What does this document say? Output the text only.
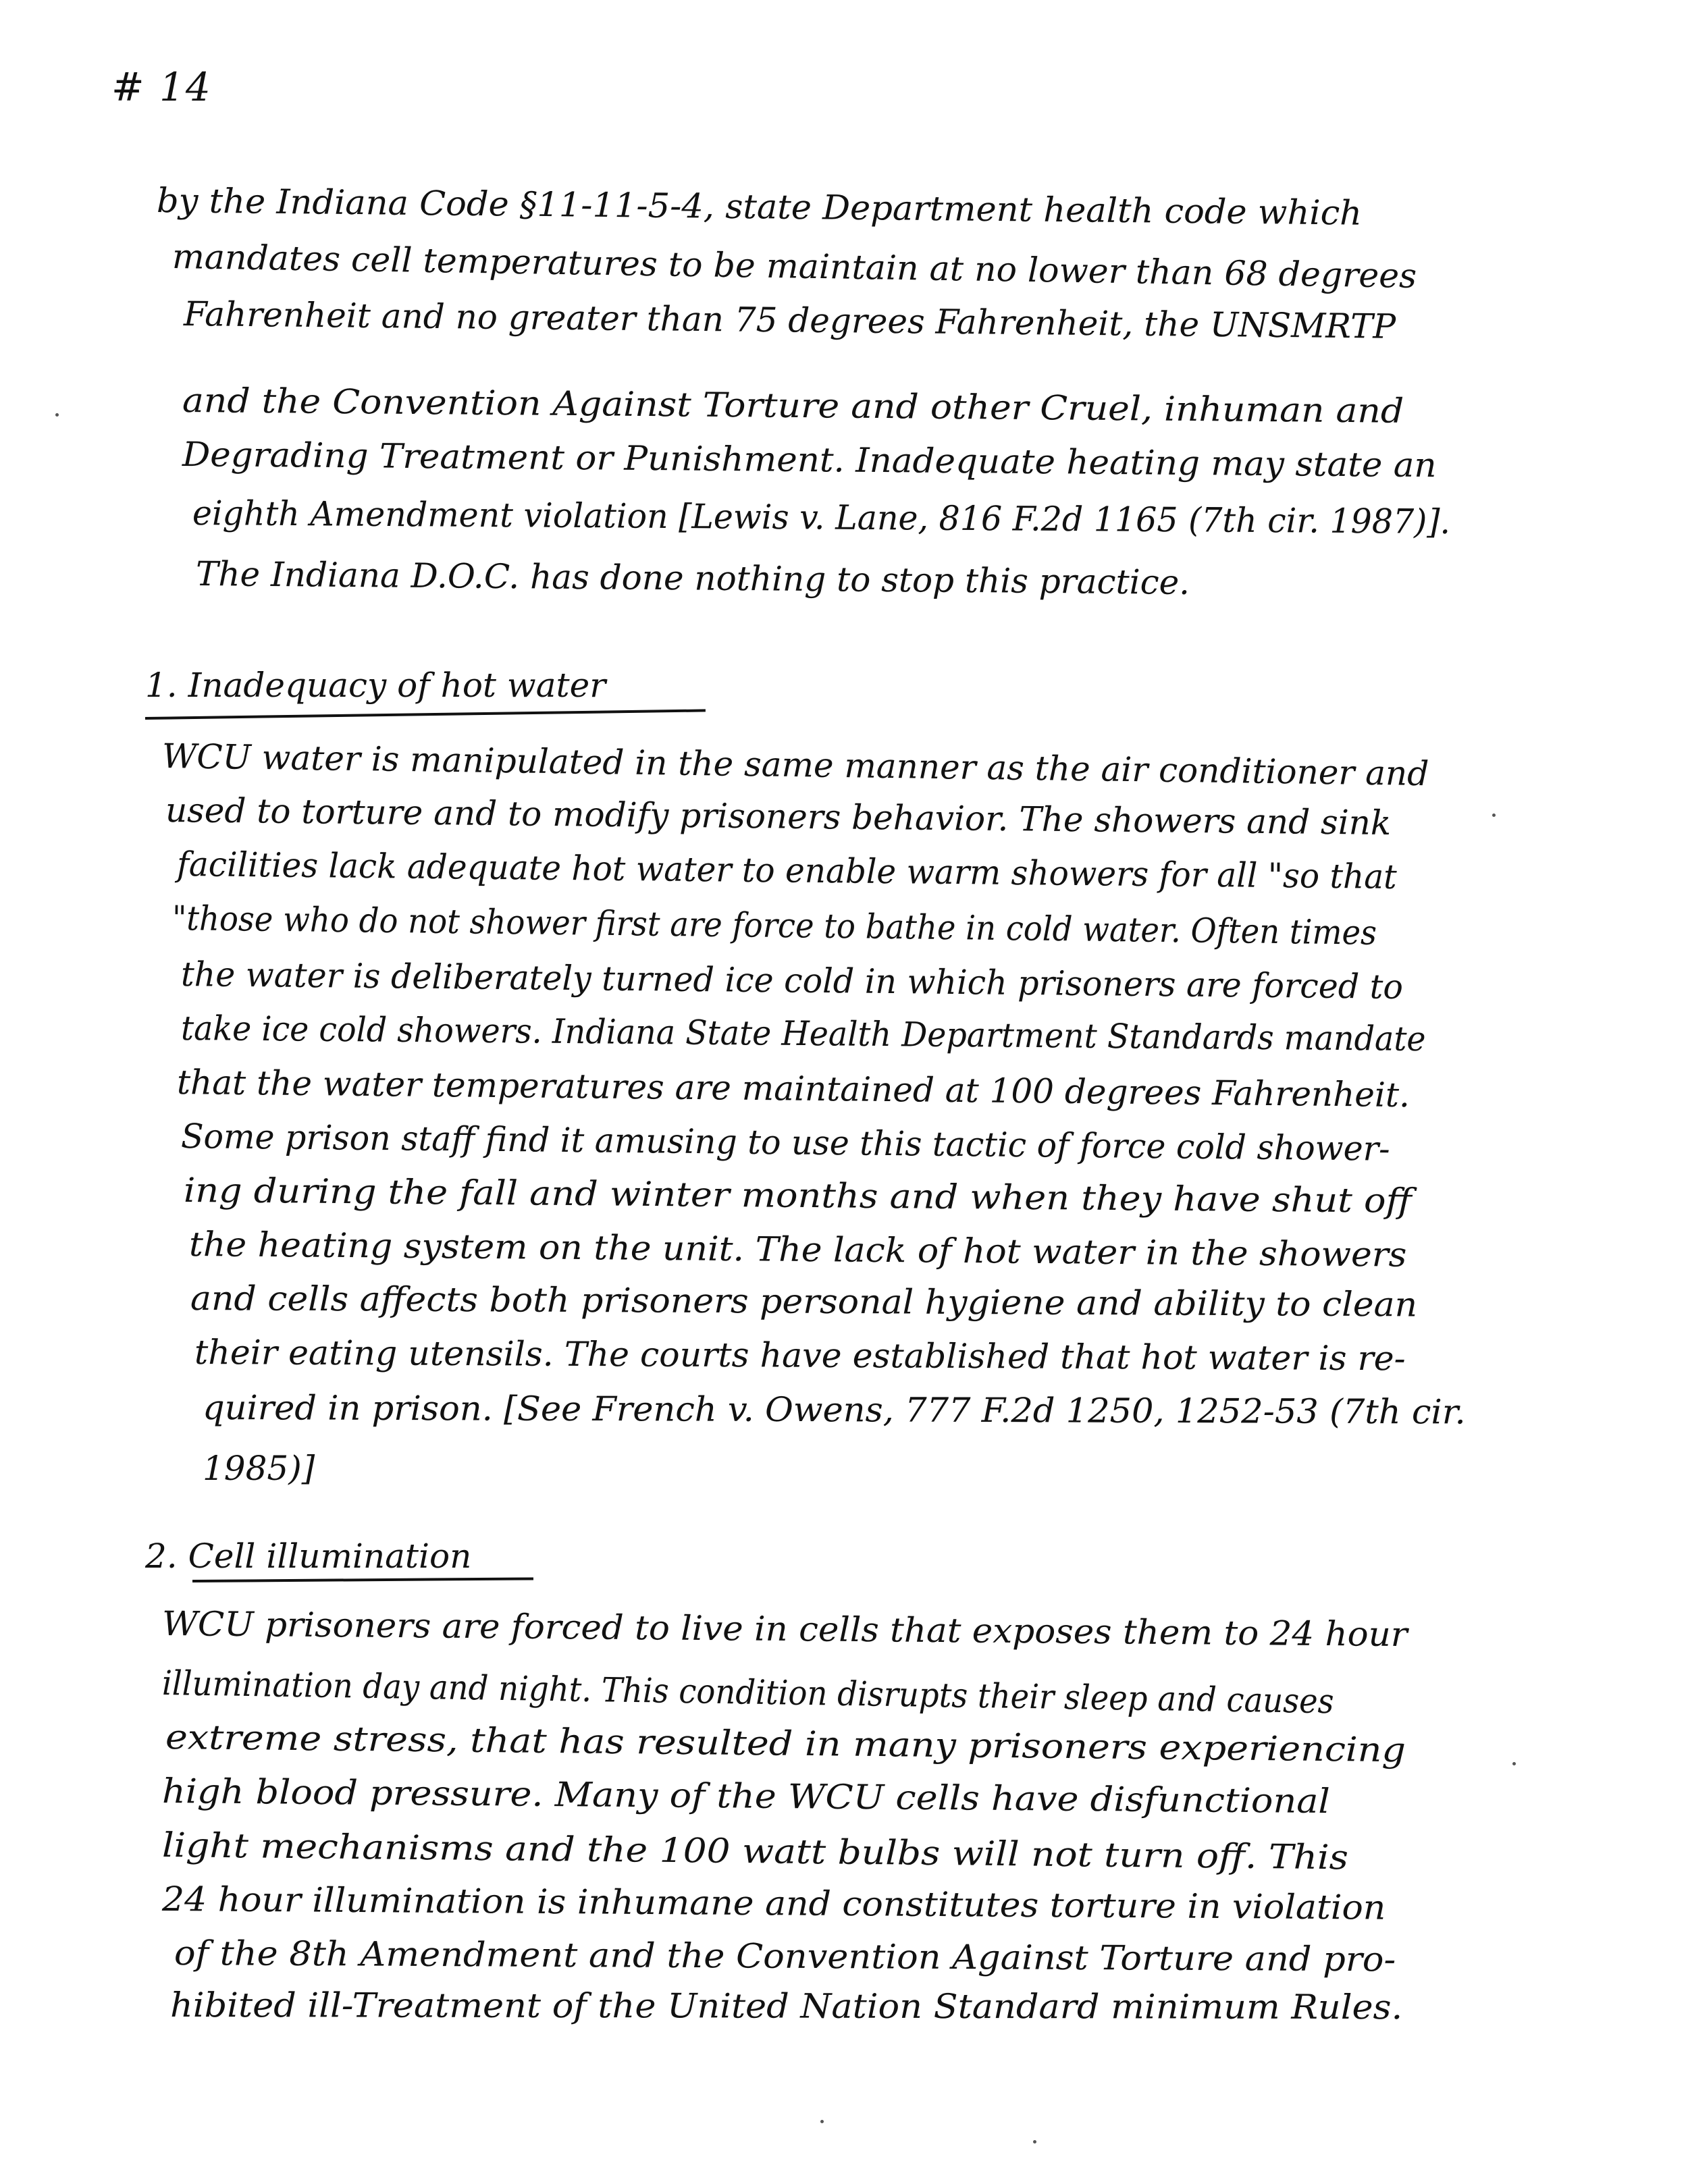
# 14
by the Indiana Code §11-11-5-4, state Department health code which
mandates cell temperatures to be maintain at no lower than 68 degrees
Fahrenheit and no greater than 75 degrees Fahrenheit, the UNSMRTP
and the Convention Against Torture and other Cruel, inhuman and
Degrading Treatment or Punishment. Inadequate heating may state an
eighth Amendment violation [Lewis v. Lane, 816 F.2d 1165 (7th cir. 1987)].
The Indiana D.O.C. has done nothing to stop this practice.
1. Inadequacy of hot water
WCU water is manipulated in the same manner as the air conditioner and
used to torture and to modify prisoners behavior. The showers and sink
facilities lack adequate hot water to enable warm showers for all "so that
"those who do not shower first are force to bathe in cold water. Often times
the water is deliberately turned ice cold in which prisoners are forced to
take ice cold showers. Indiana State Health Department Standards mandate
that the water temperatures are maintained at 100 degrees Fahrenheit.
Some prison staff find it amusing to use this tactic of force cold shower-
ing during the fall and winter months and when they have shut off
the heating system on the unit. The lack of hot water in the showers
and cells affects both prisoners personal hygiene and ability to clean
their eating utensils. The courts have established that hot water is re-
quired in prison. [See French v. Owens, 777 F.2d 1250, 1252-53 (7th cir.
1985)]
2. Cell illumination
WCU prisoners are forced to live in cells that exposes them to 24 hour
illumination day and night. This condition disrupts their sleep and causes
extreme stress, that has resulted in many prisoners experiencing
high blood pressure. Many of the WCU cells have disfunctional
light mechanisms and the 100 watt bulbs will not turn off. This
24 hour illumination is inhumane and constitutes torture in violation
of the 8th Amendment and the Convention Against Torture and pro-
hibited ill-Treatment of the United Nation Standard minimum Rules.
